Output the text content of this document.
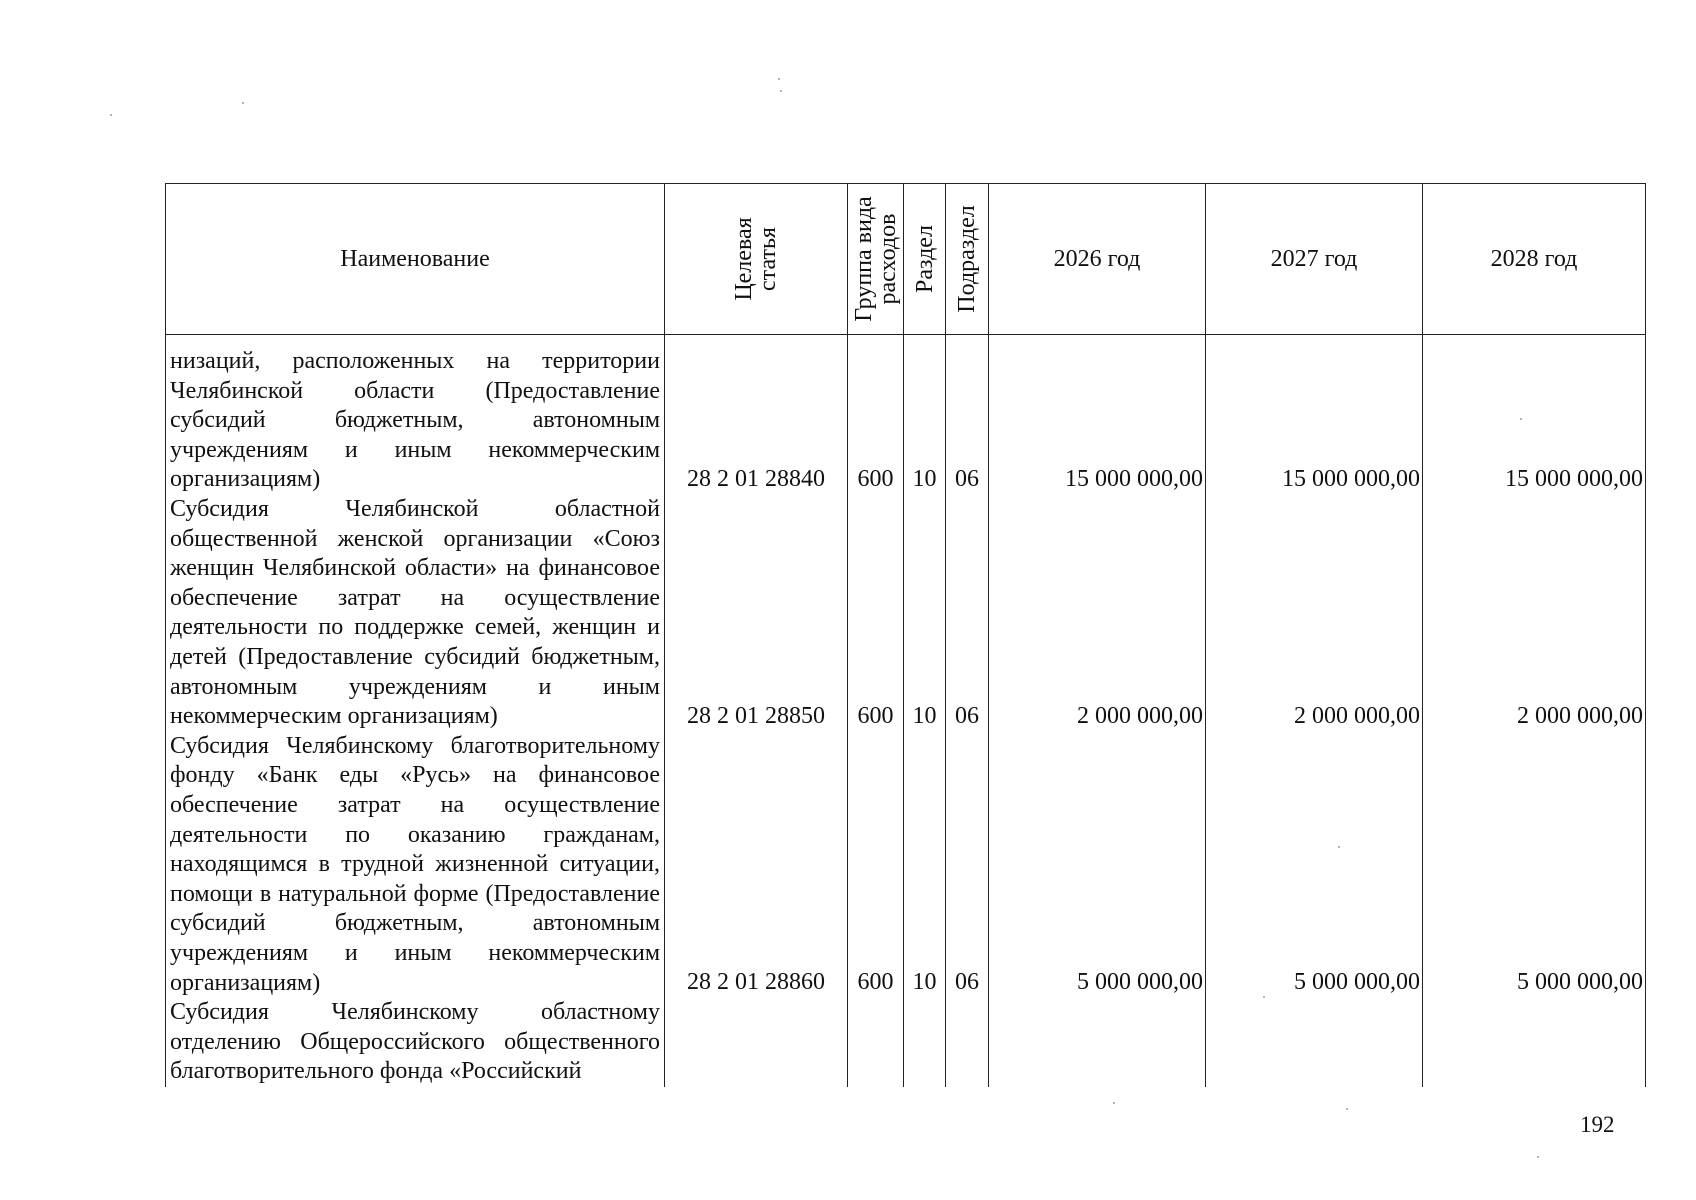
Наименование	Целевая статья	Группа вида расходов	Раздел	Подраздел	2026 год	2027 год	2028 год
низаций, расположенных на территории Челябинской области (Предоставление субсидий бюджетным, автономным учреждениям и иным некоммерческим организациям)	28 2 01 28840	600	10	06	15 000 000,00	15 000 000,00	15 000 000,00
Субсидия Челябинской областной общественной женской организации «Союз женщин Челябинской области» на финансовое обеспечение затрат на осуществление деятельности по поддержке семей, женщин и детей (Предоставление субсидий бюджетным, автономным учреждениям и иным некоммерческим организациям)	28 2 01 28850	600	10	06	2 000 000,00	2 000 000,00	2 000 000,00
Субсидия Челябинскому благотворительному фонду «Банк еды «Русь» на финансовое обеспечение затрат на осуществление деятельности по оказанию гражданам, находящимся в трудной жизненной ситуации, помощи в натуральной форме (Предоставление субсидий бюджетным, автономным учреждениям и иным некоммерческим организациям)	28 2 01 28860	600	10	06	5 000 000,00	5 000 000,00	5 000 000,00
Субсидия Челябинскому областному отделению Общероссийского общественного благотворительного фонда «Российский							
192
